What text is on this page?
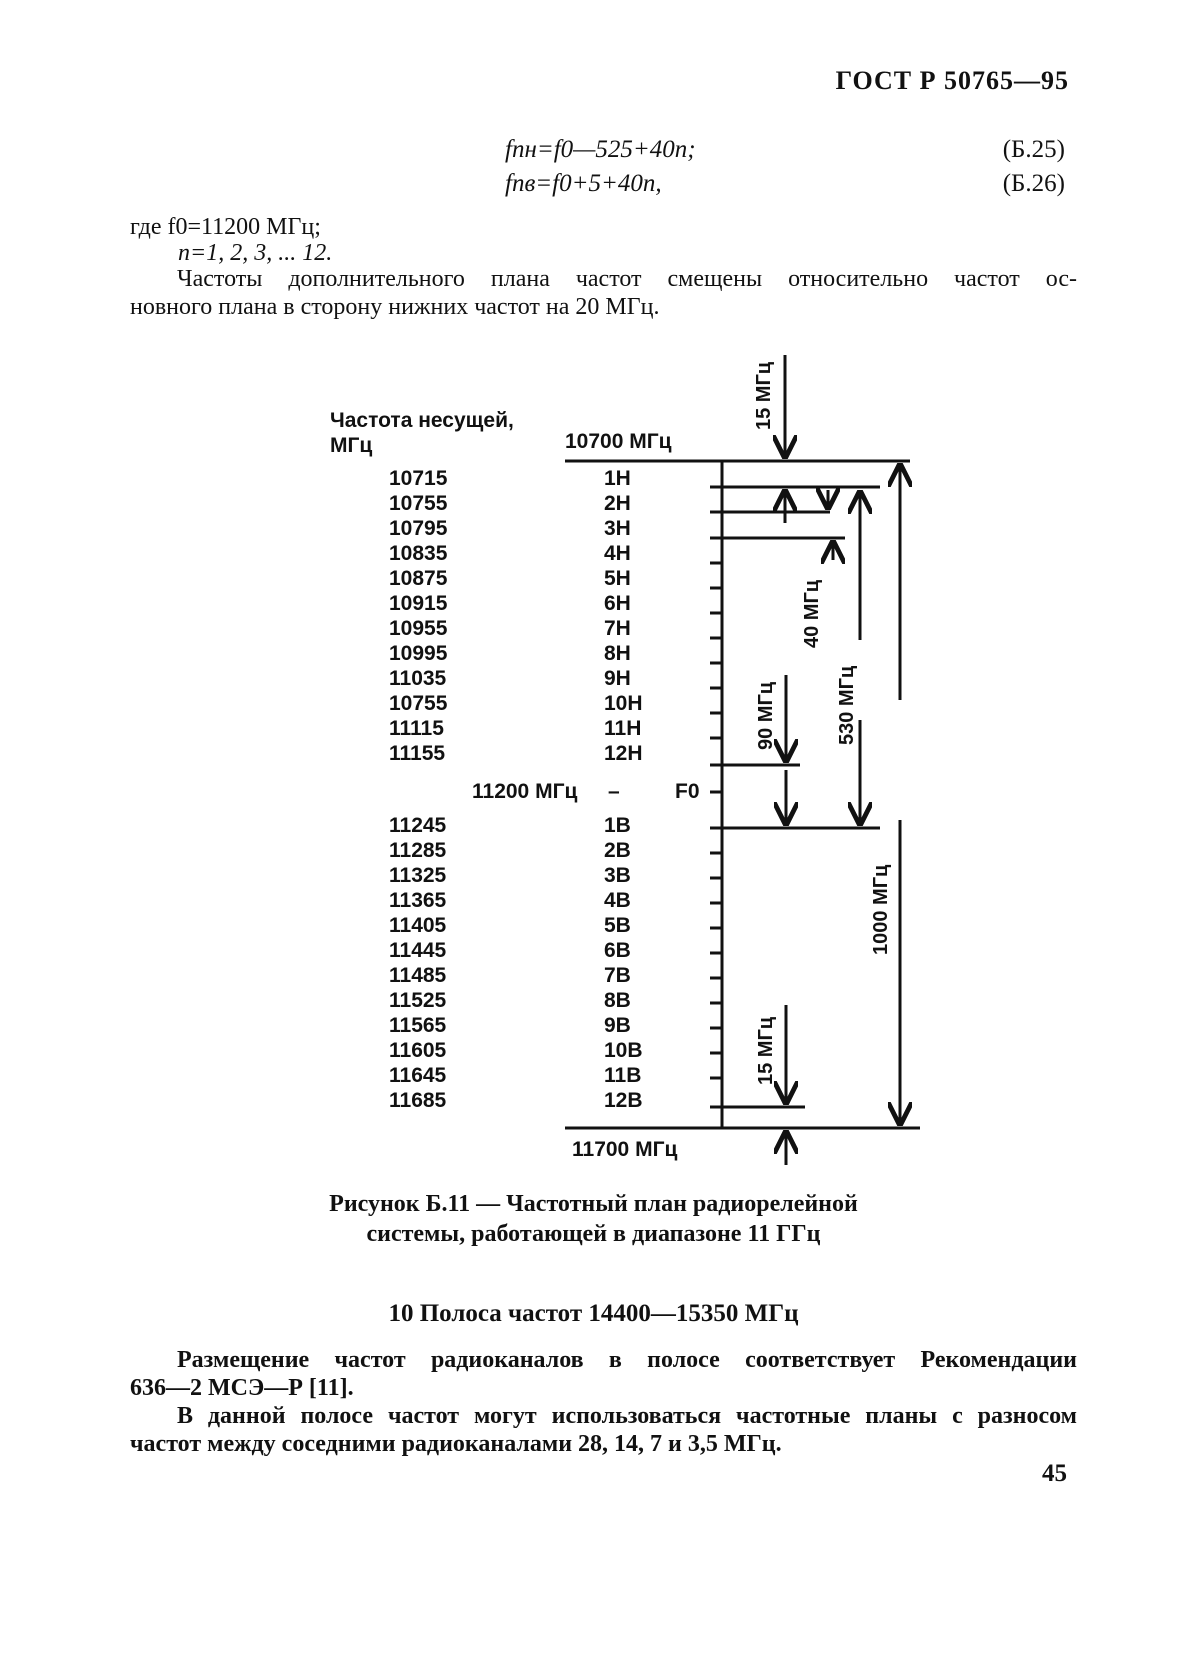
ГОСТ Р 50765—95
fпн=f0—525+40n;	(Б.25)
fпв=f0+5+40n,	(Б.26)
где f0=11200 МГц;
n=1, 2, 3, ... 12.
Частоты дополнительного плана частот смещены относительно частот ос-
новного плана в сторону нижних частот на 20 МГц.
Частота несущей,
МГц	10700 МГц
11700 МГц
11200 МГц –	F0
10715	1Н
10755	2Н
10795	3Н
10835	4Н
10875	5Н
10915	6Н
10955	7Н
10995	8Н
11035	9Н
10755	10Н
11115	11Н
11155	12Н
11245	1В
11285	2В
11325	3В
11365	4В
11405	5В
11445	6В
11485	7В
11525	8В
11565	9В
11605	10В
11645	11В
11685	12В
15 МГц
40 МГц
530 МГц
90 МГц
1000 МГц
15 МГц
Рисунок Б.11 — Частотный план радиорелейной
системы, работающей в диапазоне 11 ГГц
10 Полоса частот 14400—15350 МГц
Размещение частот радиоканалов в полосе соответствует Рекомендации
636—2 МСЭ—Р [11].
В данной полосе частот могут использоваться частотные планы с разносом
частот между соседними радиоканалами 28, 14, 7 и 3,5 МГц.
45
